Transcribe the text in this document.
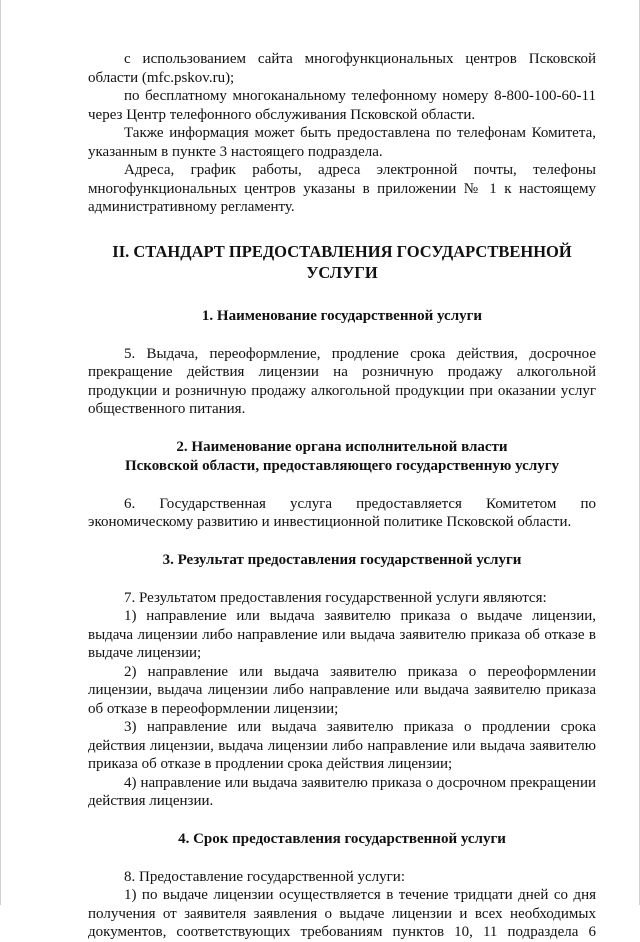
с использованием сайта многофункциональных центров Псковской области (mfc.pskov.ru);

по бесплатному многоканальному телефонному номеру 8-800-100-60-11 через Центр телефонного обслуживания Псковской области.

Также информация может быть предоставлена по телефонам Комитета, указанным в пункте 3 настоящего подраздела.

Адреса, график работы, адреса электронной почты, телефоны многофункциональных центров указаны в приложении № 1 к настоящему административному регламенту.

II. СТАНДАРТ ПРЕДОСТАВЛЕНИЯ ГОСУДАРСТВЕННОЙ
УСЛУГИ
1. Наименование государственной услуги

5. Выдача, переоформление, продление срока действия, досрочное прекращение действия лицензии на розничную продажу алкогольной продукции и розничную продажу алкогольной продукции при оказании услуг общественного питания.

2. Наименование органа исполнительной власти
Псковской области, предоставляющего государственную услугу

6. Государственная услуга предоставляется Комитетом по экономическому развитию и инвестиционной политике Псковской области.

3. Результат предоставления государственной услуги

7. Результатом предоставления государственной услуги являются:

1) направление или выдача заявителю приказа о выдаче лицензии, выдача лицензии либо направление или выдача заявителю приказа об отказе в выдаче лицензии;

2) направление или выдача заявителю приказа о переоформлении лицензии, выдача лицензии либо направление или выдача заявителю приказа об отказе в переоформлении лицензии;

3) направление или выдача заявителю приказа о продлении срока действия лицензии, выдача лицензии либо направление или выдача заявителю приказа об отказе в продлении срока действия лицензии;

4) направление или выдача заявителю приказа о досрочном прекращении действия лицензии.

4. Срок предоставления государственной услуги

8. Предоставление государственной услуги:

1) по выдаче лицензии осуществляется в течение тридцати дней со дня получения от заявителя заявления о выдаче лицензии и всех необходимых документов, соответствующих требованиям пунктов 10, 11 подраздела 6
